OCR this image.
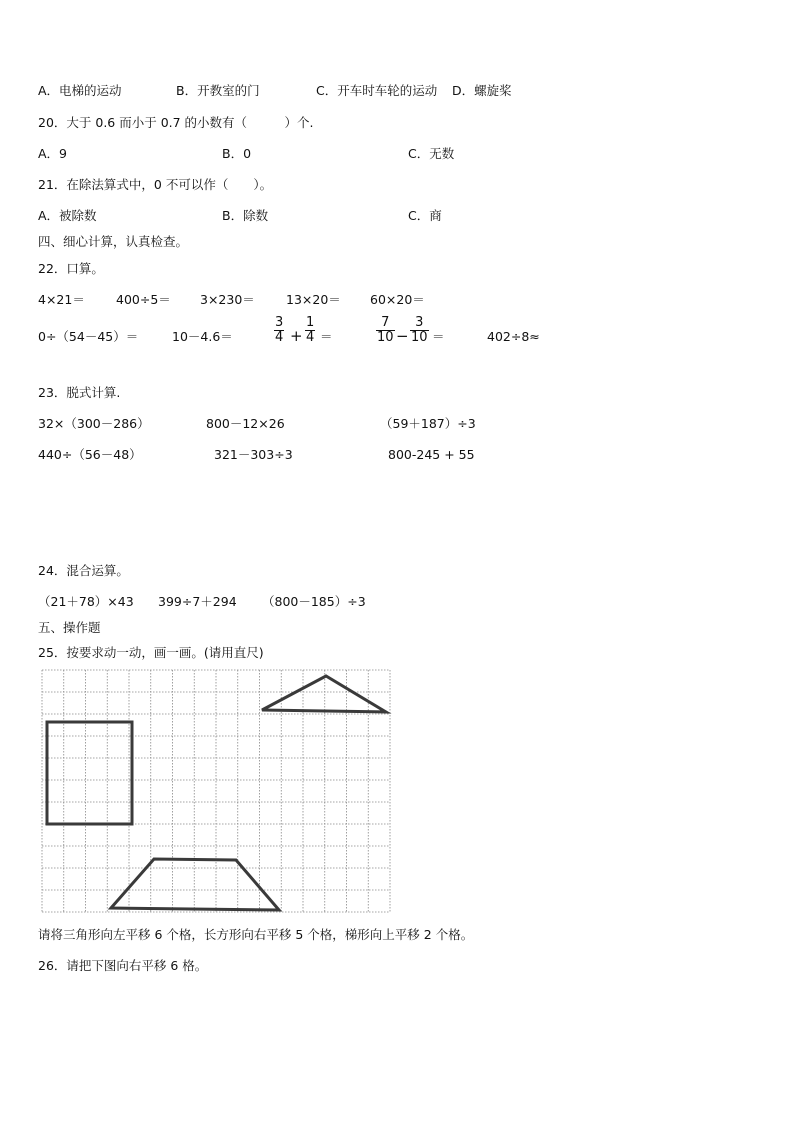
A．电梯的运动	B．开教室的门	C．开车时车轮的运动 D．螺旋桨
20．大于 0.6 而小于 0.7 的小数有（　　　）个.
A．9	B．0	C．无数
21．在除法算式中，0 不可以作（　　）。
A．被除数	B．除数	C．商
四、细心计算，认真检查。
22．口算。
4×21＝ 400÷5＝ 3×230＝ 13×20＝ 60×20＝
0÷（54－45）＝	10－4.6＝	$\frac{3}{4} + \frac{1}{4}$ ＝	$\frac{7}{10} - \frac{3}{10}$ ＝	402÷8≈
23．脱式计算.
32×（300－286）	800－12×26	（59＋187）÷3
440÷（56－48）	321－303÷3	800-245 + 55
24．混合运算。
（21＋78）×43 399÷7＋294 （800－185）÷3
五、操作题
25．按要求动一动，画一画。(请用直尺)
请将三角形向左平移 6 个格，长方形向右平移 5 个格，梯形向上平移 2 个格。
26．请把下图向右平移 6 格。
